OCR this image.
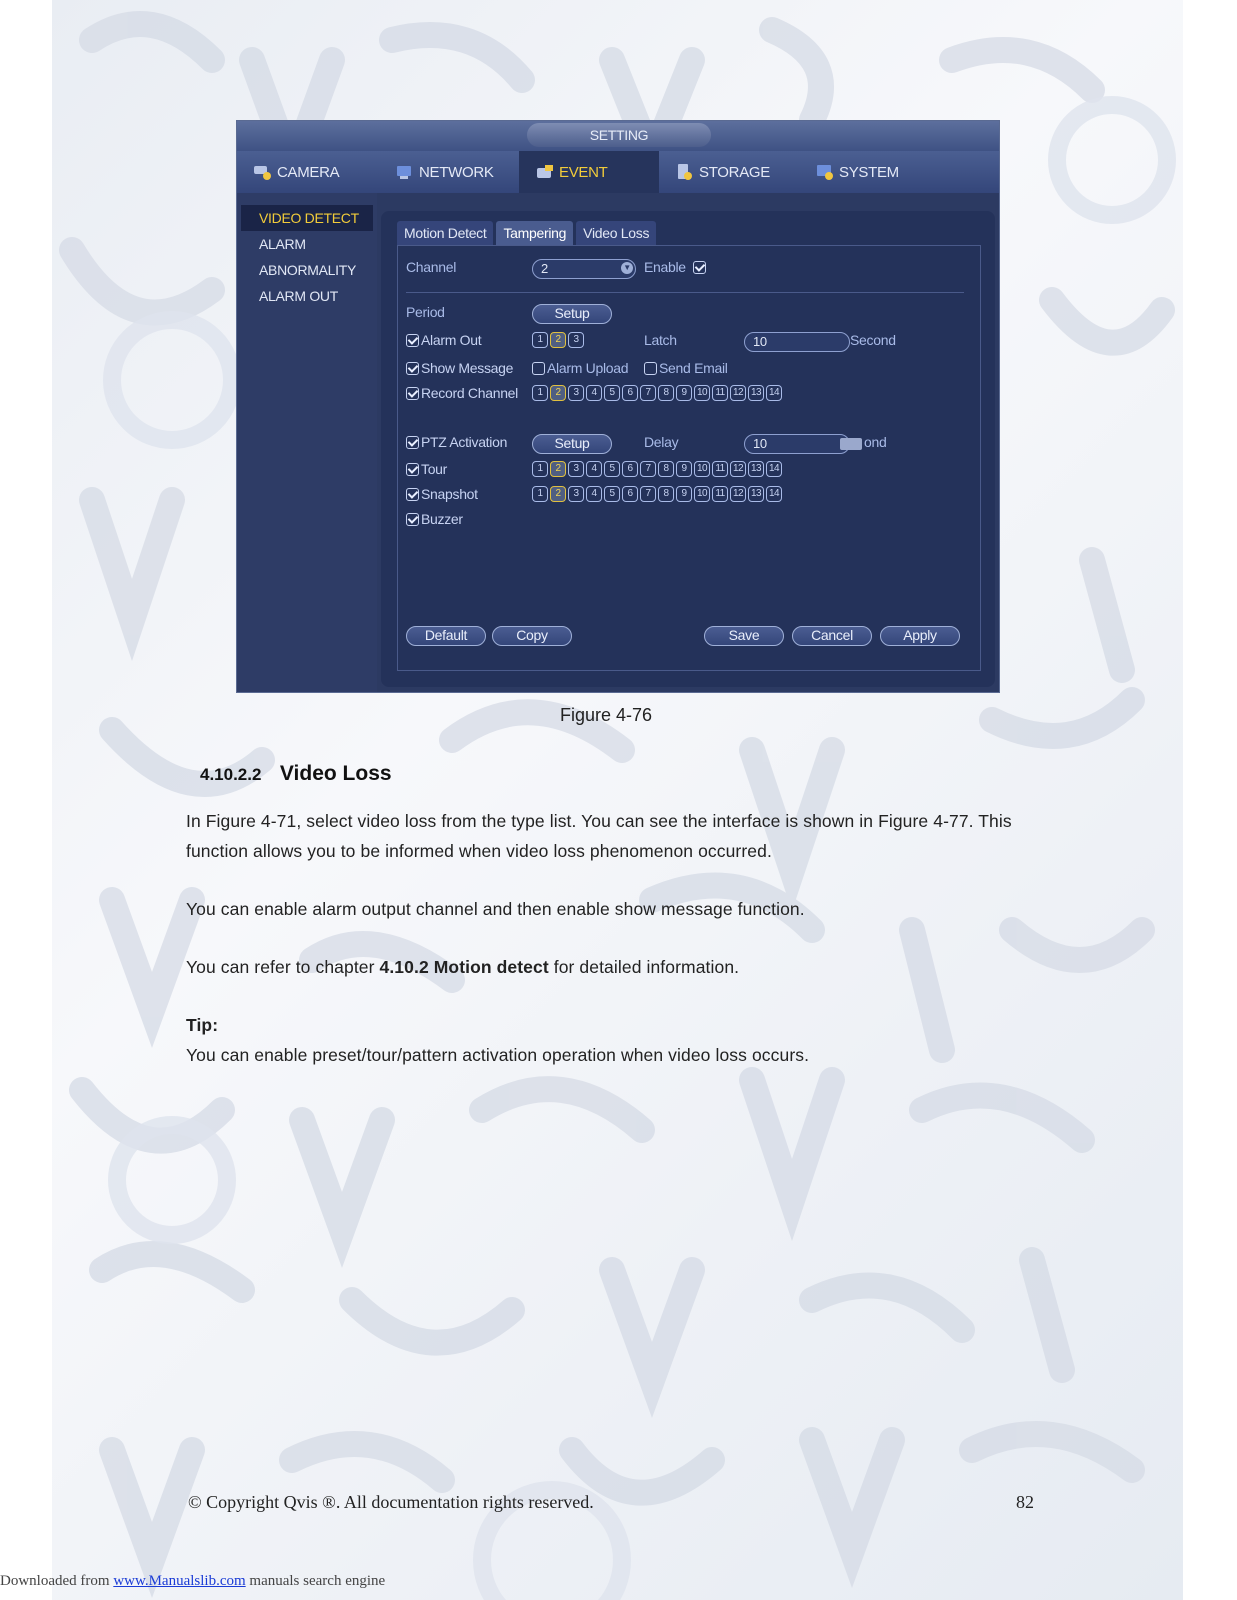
SETTING
CAMERA	NETWORK	EVENT	STORAGE	SYSTEM
VIDEO DETECT
ALARM
ABNORMALITY
ALARM OUT
Motion Detect	Tampering	Video Loss
Channel	2	▼ Enable
Period	Setup
Alarm Out	1	2	3	Latch	10	Second
Show Message	Alarm Upload	Send Email
Record Channel	1	2	3	4	5	6	7	8	9	10 11 12 13 14
PTZ Activation	Setup	Delay	10	ond
Tour	1	2	3	4	5	6	7	8	9	10 11 12 13 14
Snapshot	1	2	3	4	5	6	7	8	9	10 11 12 13 14
Buzzer
Default	Copy	Save	Cancel	Apply
Figure 4-76
4.10.2.2 Video Loss
In Figure 4-71, select video loss from the type list. You can see the interface is shown in Figure 4-77. This function allows you to be informed when video loss phenomenon occurred.
You can enable alarm output channel and then enable show message function.
You can refer to chapter 4.10.2 Motion detect for detailed information.
Tip:
You can enable preset/tour/pattern activation operation when video loss occurs.
© Copyright Qvis ®. All documentation rights reserved.	82
Downloaded from www.Manualslib.com manuals search engine
